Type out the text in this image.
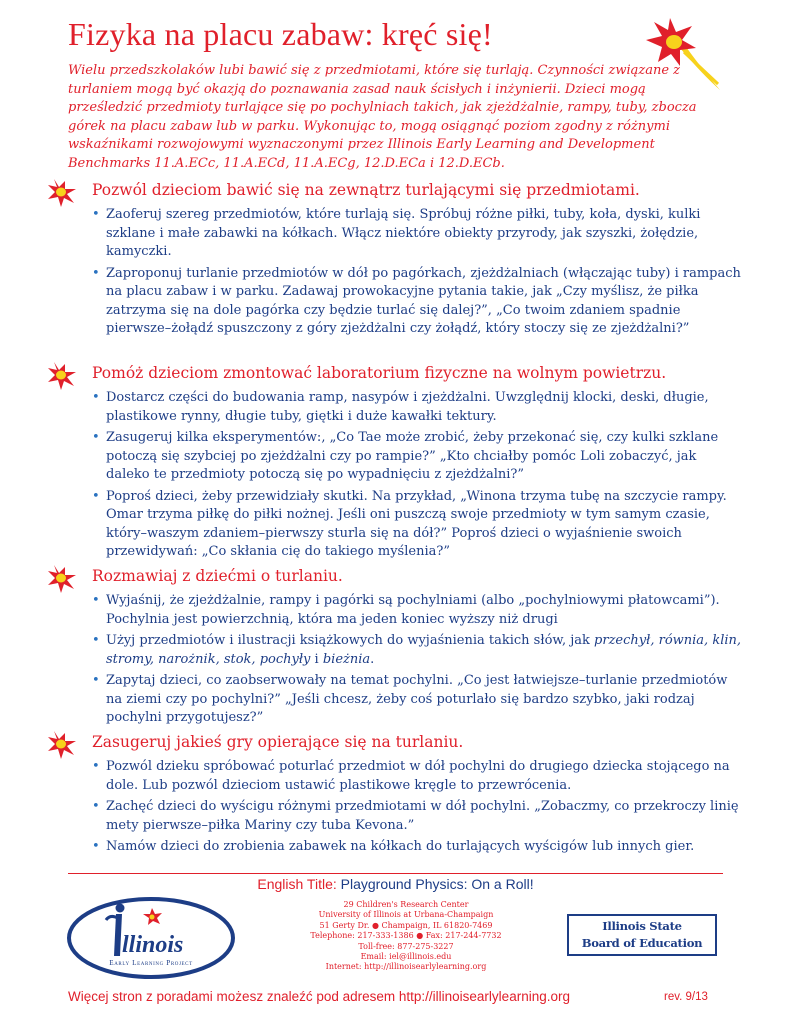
Fizyka na placu zabaw: kręć się!

Wielu przedszkolaków lubi bawić się z przedmiotami, które się turlają. Czynności związane z turlaniem mogą być okazją do poznawania zasad nauk ścisłych i inżynierii. Dzieci mogą prześledzić przedmioty turlające się po pochylniach takich, jak zjeżdżalnie, rampy, tuby, zbocza górek na placu zabaw lub w parku. Wykonując to, mogą osiągnąć poziom zgodny z różnymi wskaźnikami rozwojowymi wyznaczonymi przez Illinois Early Learning and Development Benchmarks 11.A.ECc, 11.A.ECd, 11.A.ECg, 12.D.ECa i 12.D.ECb.

Pozwól dzieciom bawić się na zewnątrz turlającymi się przedmiotami.
• Zaoferuj szereg przedmiotów, które turlają się. Spróbuj różne piłki, tuby, koła, dyski, kulki szklane i małe zabawki na kółkach. Włącz niektóre obiekty przyrody, jak szyszki, żołędzie, kamyczki.
• Zaproponuj turlanie przedmiotów w dół po pagórkach, zjeżdżalniach (włączając tuby) i rampach na placu zabaw i w parku. Zadawaj prowokacyjne pytania takie, jak „Czy myślisz, że piłka zatrzyma się na dole pagórka czy będzie turlać się dalej?”, „Co twoim zdaniem spadnie pierwsze–żołądź spuszczony z góry zjeżdżalni czy żołądź, który stoczy się ze zjeżdżalni?”
Pomóż dzieciom zmontować laboratorium fizyczne na wolnym powietrzu.
• Dostarcz części do budowania ramp, nasypów i zjeżdżalni. Uwzględnij klocki, deski, długie, plastikowe rynny, długie tuby, giętki i duże kawałki tektury.
• Zasugeruj kilka eksperymentów:, „Co Tae może zrobić, żeby przekonać się, czy kulki szklane potoczą się szybciej po zjeżdżalni czy po rampie?” „Kto chciałby pomóc Loli zobaczyć, jak daleko te przedmioty potoczą się po wypadnięciu z zjeżdżalni?”
• Poproś dzieci, żeby przewidziały skutki. Na przykład, „Winona trzyma tubę na szczycie rampy. Omar trzyma piłkę do piłki nożnej. Jeśli oni puszczą swoje przedmioty w tym samym czasie, który–waszym zdaniem–pierwszy sturla się na dół?” Poproś dzieci o wyjaśnienie swoich przewidywań: „Co skłania cię do takiego myślenia?”
Rozmawiaj z dziećmi o turlaniu.
• Wyjaśnij, że zjeżdżalnie, rampy i pagórki są pochylniami (albo „pochylniowymi płatowcami”). Pochylnia jest powierzchnią, która ma jeden koniec wyższy niż drugi
• Użyj przedmiotów i ilustracji książkowych do wyjaśnienia takich słów, jak przechył, równia, klin, stromy, narożnik, stok, pochyły i bieżnia.
• Zapytaj dzieci, co zaobserwowały na temat pochylni. „Co jest łatwiejsze–turlanie przedmiotów na ziemi czy po pochylni?” „Jeśli chcesz, żeby coś poturlało się bardzo szybko, jaki rodzaj pochylni przygotujesz?”
Zasugeruj jakieś gry opierające się na turlaniu.
• Pozwól dzieku spróbować poturlać przedmiot w dół pochylni do drugiego dziecka stojącego na dole. Lub pozwól dzieciom ustawić plastikowe kręgle to przewrócenia.
• Zachęć dzieci do wyścigu różnymi przedmiotami w dół pochylni. „Zobaczmy, co przekroczy linię mety pierwsze–piłka Mariny czy tuba Kevona.”
• Namów dzieci do zrobienia zabawek na kółkach do turlających wyścigów lub innych gier.

English Title: Playground Physics: On a Roll!

llinois
Early Learning Project
29 Children's Research Center
University of Illinois at Urbana-Champaign
51 Gerty Dr. ● Champaign, IL 61820-7469
Telephone: 217-333-1386 ● Fax: 217-244-7732
Toll-free: 877-275-3227
Email: iel@illinois.edu
Internet: http://illinoisearlylearning.org
Illinois State
Board of Education

Więcej stron z poradami możesz znaleźć pod adresem http://illinoisearlylearning.org	rev. 9/13
